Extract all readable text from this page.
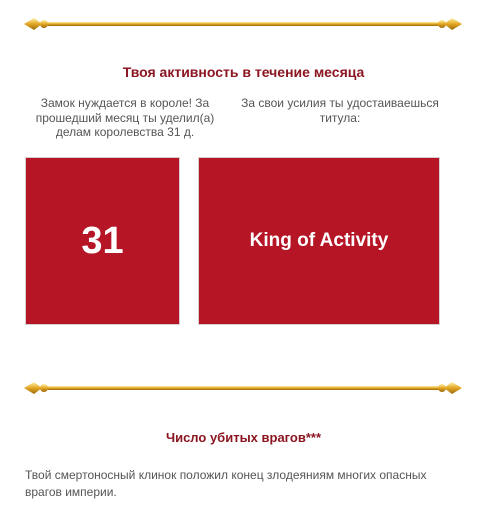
Твоя активность в течение месяца
Замок нуждается в короле! За прошедший месяц ты уделил(а) делам королевства 31 д.
За свои усилия ты удостаиваешься титула:
31	King of Activity
Число убитых врагов***
Твой смертоносный клинок положил конец злодеяниям многих опасных врагов империи.
